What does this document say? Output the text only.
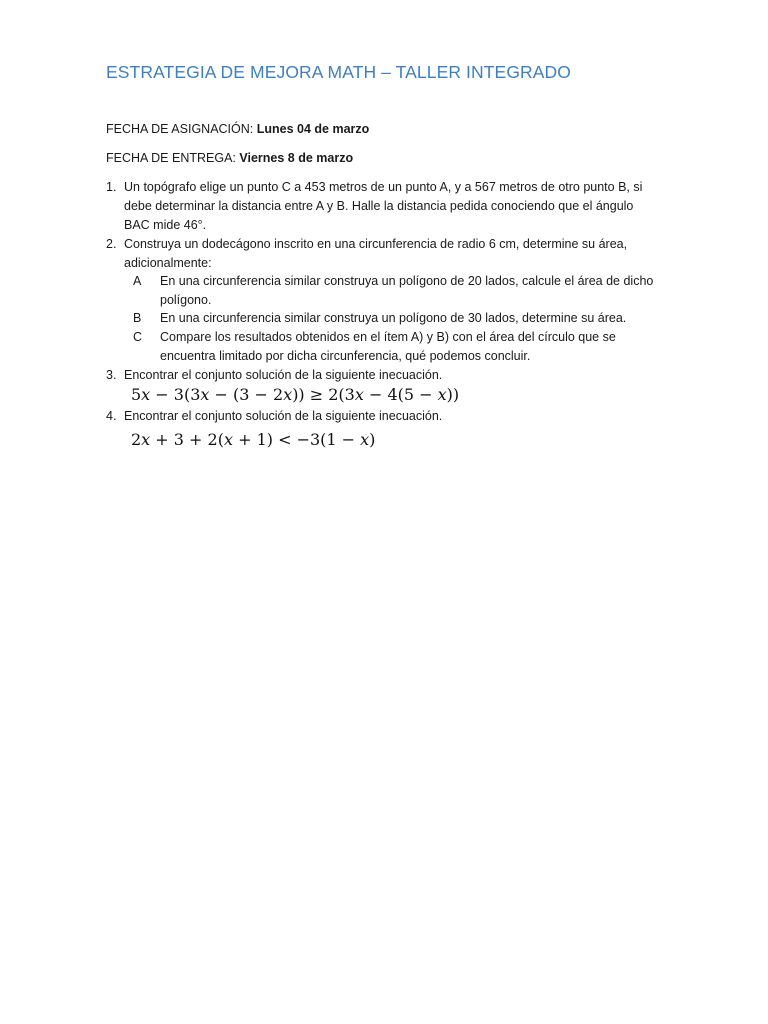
ESTRATEGIA DE MEJORA MATH – TALLER INTEGRADO
FECHA DE ASIGNACIÓN: Lunes 04 de marzo
FECHA DE ENTREGA: Viernes 8 de marzo
1. Un topógrafo elige un punto C a 453 metros de un punto A, y a 567 metros de otro punto B, si
debe determinar la distancia entre A y B. Halle la distancia pedida conociendo que el ángulo
BAC mide 46°.
2. Construya un dodecágono inscrito en una circunferencia de radio 6 cm, determine su área,
adicionalmente:
A En una circunferencia similar construya un polígono de 20 lados, calcule el área de dicho
polígono.
B En una circunferencia similar construya un polígono de 30 lados, determine su área.
C Compare los resultados obtenidos en el ítem A) y B) con el área del círculo que se
encuentra limitado por dicha circunferencia, qué podemos concluir.
3. Encontrar el conjunto solución de la siguiente inecuación.
5𝑥 − 3(3𝑥 − (3 − 2𝑥)) ≥ 2(3𝑥 − 4(5 − 𝑥))
4. Encontrar el conjunto solución de la siguiente inecuación.
2𝑥 + 3 + 2(𝑥 + 1) < −3(1 − 𝑥)
